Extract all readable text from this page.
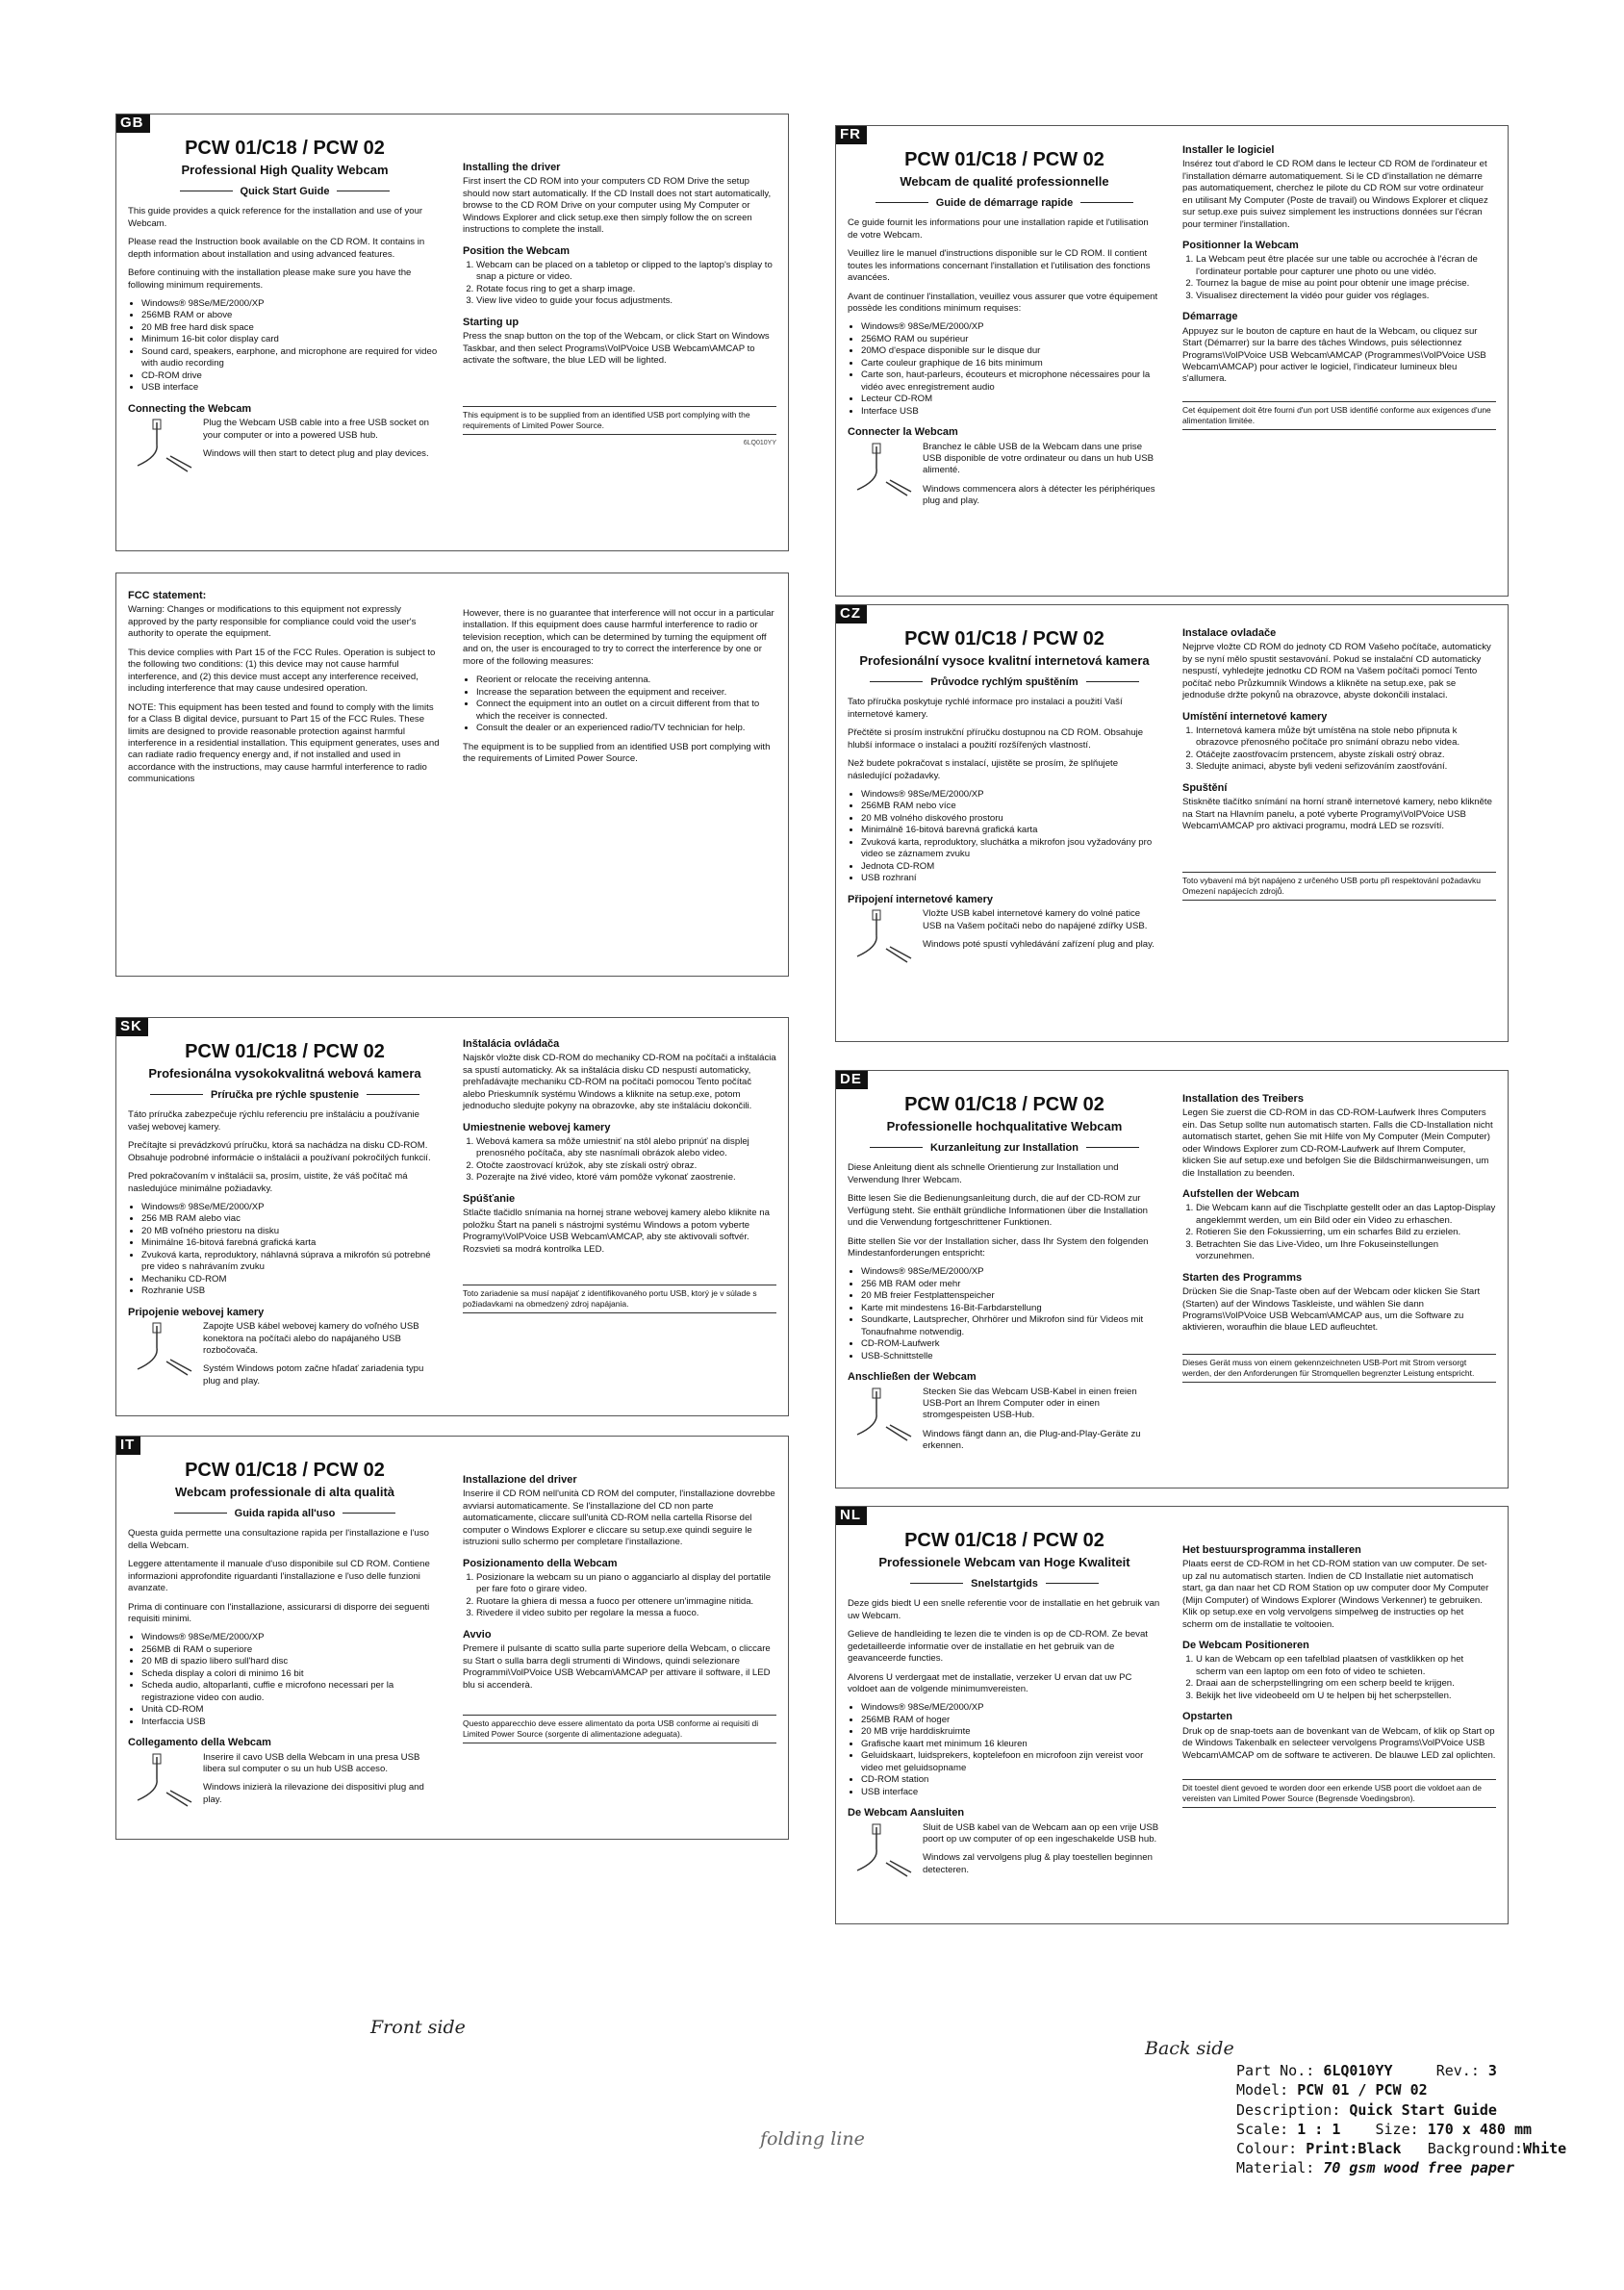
GB
PCW 01/C18 / PCW 02
Professional High Quality Webcam
Quick Start Guide

This guide provides a quick reference for the installation and use of your Webcam.

Please read the Instruction book available on the CD ROM. It contains in depth information about installation and using advanced features.

Before continuing with the installation please make sure you have the following minimum requirements.

• Windows® 98Se/ME/2000/XP
• 256MB RAM or above
• 20 MB free hard disk space
• Minimum 16-bit color display card
• Sound card, speakers, earphone, and microphone are required for video with audio recording
• CD-ROM drive
• USB interface
Connecting the Webcam

Plug the Webcam USB cable into a free USB socket on your computer or into a powered USB hub.

Windows will then start to detect plug and play devices.

Installing the driver

First insert the CD ROM into your computers CD ROM Drive the setup should now start automatically. If the CD Install does not start automatically, browse to the CD ROM Drive on your computer using My Computer or Windows Explorer and click setup.exe then simply follow the on screen instructions to complete the install.

Position the Webcam
1. Webcam can be placed on a tabletop or clipped to the laptop's display to snap a picture or video.
2. Rotate focus ring to get a sharp image.
3. View live video to guide your focus adjustments.
Starting up

Press the snap button on the top of the Webcam, or click Start on Windows Taskbar, and then select Programs\VolPVoice USB Webcam\AMCAP to activate the software, the blue LED will be lighted.

This equipment is to be supplied from an identified USB port complying with the requirements of Limited Power Source.
6LQ010YY
FCC statement:

Warning: Changes or modifications to this equipment not expressly approved by the party responsible for compliance could void the user's authority to operate the equipment.

This device complies with Part 15 of the FCC Rules. Operation is subject to the following two conditions: (1) this device may not cause harmful interference, and (2) this device must accept any interference received, including interference that may cause undesired operation.

NOTE: This equipment has been tested and found to comply with the limits for a Class B digital device, pursuant to Part 15 of the FCC Rules. These limits are designed to provide reasonable protection against harmful interference in a residential installation. This equipment generates, uses and can radiate radio frequency energy and, if not installed and used in accordance with the instructions, may cause harmful interference to radio communications

However, there is no guarantee that interference will not occur in a particular installation. If this equipment does cause harmful interference to radio or television reception, which can be determined by turning the equipment off and on, the user is encouraged to try to correct the interference by one or more of the following measures:

• Reorient or relocate the receiving antenna.
• Increase the separation between the equipment and receiver.
• Connect the equipment into an outlet on a circuit different from that to which the receiver is connected.
• Consult the dealer or an experienced radio/TV technician for help.

The equipment is to be supplied from an identified USB port complying with the requirements of Limited Power Source.

SK
PCW 01/C18 / PCW 02
Profesionálna vysokokvalitná webová kamera
Príručka pre rýchle spustenie

Táto príručka zabezpečuje rýchlu referenciu pre inštaláciu a používanie vašej webovej kamery.

Prečítajte si prevádzkovú príručku, ktorá sa nachádza na disku CD-ROM. Obsahuje podrobné informácie o inštalácii a používaní pokročilých funkcií.

Pred pokračovaním v inštalácii sa, prosím, uistite, že váš počítač má nasledujúce minimálne požiadavky.

• Windows® 98Se/ME/2000/XP
• 256 MB RAM alebo viac
• 20 MB voľného priestoru na disku
• Minimálne 16-bitová farebná grafická karta
• Zvuková karta, reproduktory, náhlavná súprava a mikrofón sú potrebné pre video s nahrávaním zvuku
• Mechaniku CD-ROM
• Rozhranie USB
Pripojenie webovej kamery

Zapojte USB kábel webovej kamery do voľného USB konektora na počítači alebo do napájaného USB rozbočovača.

Systém Windows potom začne hľadať zariadenia typu plug and play.

Inštalácia ovládača

Najskôr vložte disk CD-ROM do mechaniky CD-ROM na počítači a inštalácia sa spustí automaticky. Ak sa inštalácia disku CD nespustí automaticky, prehľadávajte mechaniku CD-ROM na počítači pomocou Tento počítač alebo Prieskumník systému Windows a kliknite na setup.exe, potom jednoducho sledujte pokyny na obrazovke, aby ste inštaláciu dokončili.

Umiestnenie webovej kamery
1. Webová kamera sa môže umiestniť na stôl alebo pripnúť na displej prenosného počítača, aby ste nasnímali obrázok alebo video.
2. Otočte zaostrovací krúžok, aby ste získali ostrý obraz.
3. Pozerajte na živé video, ktoré vám pomôže vykonať zaostrenie.
Spúšťanie

Stlačte tlačidlo snímania na hornej strane webovej kamery alebo kliknite na položku Štart na paneli s nástrojmi systému Windows a potom vyberte Programy\VolPVoice USB Webcam\AMCAP, aby ste aktivovali softvér. Rozsvieti sa modrá kontrolka LED.

Toto zariadenie sa musí napájať z identifikovaného portu USB, ktorý je v súlade s požiadavkami na obmedzený zdroj napájania.
IT
PCW 01/C18 / PCW 02
Webcam professionale di alta qualità
Guida rapida all'uso

Questa guida permette una consultazione rapida per l'installazione e l'uso della Webcam.

Leggere attentamente il manuale d'uso disponibile sul CD ROM. Contiene informazioni approfondite riguardanti l'installazione e l'uso delle funzioni avanzate.

Prima di continuare con l'installazione, assicurarsi di disporre dei seguenti requisiti minimi.

• Windows® 98Se/ME/2000/XP
• 256MB di RAM o superiore
• 20 MB di spazio libero sull'hard disc
• Scheda display a colori di minimo 16 bit
• Scheda audio, altoparlanti, cuffie e microfono necessari per la registrazione video con audio.
• Unità CD-ROM
• Interfaccia USB
Collegamento della Webcam

Inserire il cavo USB della Webcam in una presa USB libera sul computer o su un hub USB acceso.

Windows inizierà la rilevazione dei dispositivi plug and play.

Installazione del driver

Inserire il CD ROM nell'unità CD ROM del computer, l'installazione dovrebbe avviarsi automaticamente. Se l'installazione del CD non parte automaticamente, cliccare sull'unità CD-ROM nella cartella Risorse del computer o Windows Explorer e cliccare su setup.exe quindi seguire le istruzioni sullo schermo per completare l'installazione.

Posizionamento della Webcam
1. Posizionare la webcam su un piano o agganciarlo al display del portatile per fare foto o girare video.
2. Ruotare la ghiera di messa a fuoco per ottenere un'immagine nitida.
3. Rivedere il video subito per regolare la messa a fuoco.
Avvio

Premere il pulsante di scatto sulla parte superiore della Webcam, o cliccare su Start o sulla barra degli strumenti di Windows, quindi selezionare Programmi\VolPVoice USB Webcam\AMCAP per attivare il software, il LED blu si accenderà.

Questo apparecchio deve essere alimentato da porta USB conforme ai requisiti di Limited Power Source (sorgente di alimentazione adeguata).
FR
PCW 01/C18 / PCW 02
Webcam de qualité professionnelle
Guide de démarrage rapide

Ce guide fournit les informations pour une installation rapide et l'utilisation de votre Webcam.

Veuillez lire le manuel d'instructions disponible sur le CD ROM. Il contient toutes les informations concernant l'installation et l'utilisation des fonctions avancées.

Avant de continuer l'installation, veuillez vous assurer que votre équipement possède les conditions minimum requises:

• Windows® 98Se/ME/2000/XP
• 256MO RAM ou supérieur
• 20MO d'espace disponible sur le disque dur
• Carte couleur graphique de 16 bits minimum
• Carte son, haut-parleurs, écouteurs et microphone nécessaires pour la vidéo avec enregistrement audio
• Lecteur CD-ROM
• Interface USB
Connecter la Webcam

Branchez le câble USB de la Webcam dans une prise USB disponible de votre ordinateur ou dans un hub USB alimenté.

Windows commencera alors à détecter les périphériques plug and play.

Installer le logiciel

Insérez tout d'abord le CD ROM dans le lecteur CD ROM de l'ordinateur et l'installation démarre automatiquement. Si le CD d'installation ne démarre pas automatiquement, cherchez le pilote du CD ROM sur votre ordinateur en utilisant My Computer (Poste de travail) ou Windows Explorer et cliquez sur setup.exe puis suivez simplement les instructions données sur l'écran pour terminer l'installation.

Positionner la Webcam
1. La Webcam peut être placée sur une table ou accrochée à l'écran de l'ordinateur portable pour capturer une photo ou une vidéo.
2. Tournez la bague de mise au point pour obtenir une image précise.
3. Visualisez directement la vidéo pour guider vos réglages.
Démarrage

Appuyez sur le bouton de capture en haut de la Webcam, ou cliquez sur Start (Démarrer) sur la barre des tâches Windows, puis sélectionnez Programs\VolPVoice USB Webcam\AMCAP (Programmes\VolPVoice USB Webcam\AMCAP) pour activer le logiciel, l'indicateur lumineux bleu s'allumera.

Cet équipement doit être fourni d'un port USB identifié conforme aux exigences d'une alimentation limitée.
CZ
PCW 01/C18 / PCW 02
Profesionální vysoce kvalitní internetová kamera
Průvodce rychlým spuštěním

Tato příručka poskytuje rychlé informace pro instalaci a použití Vaší internetové kamery.

Přečtěte si prosím instrukční příručku dostupnou na CD ROM. Obsahuje hlubší informace o instalaci a použití rozšířených vlastností.

Než budete pokračovat s instalací, ujistěte se prosím, že splňujete následující požadavky.

• Windows® 98Se/ME/2000/XP
• 256MB RAM nebo více
• 20 MB volného diskového prostoru
• Minimálně 16-bitová barevná grafická karta
• Zvuková karta, reproduktory, sluchátka a mikrofon jsou vyžadovány pro video se záznamem zvuku
• Jednota CD-ROM
• USB rozhraní
Připojení internetové kamery

Vložte USB kabel internetové kamery do volné patice USB na Vašem počítači nebo do napájené zdířky USB.

Windows poté spustí vyhledávání zařízení plug and play.

Instalace ovladače

Nejprve vložte CD ROM do jednoty CD ROM Vašeho počítače, automaticky by se nyní mělo spustit sestavování. Pokud se instalační CD automaticky nespustí, vyhledejte jednotku CD ROM na Vašem počítači pomocí Tento počítač nebo Průzkumník Windows a klikněte na setup.exe, pak se jednoduše držte pokynů na obrazovce, abyste dokončili instalaci.

Umístění internetové kamery
1. Internetová kamera může být umístěna na stole nebo připnuta k obrazovce přenosného počítače pro snímání obrazu nebo videa.
2. Otáčejte zaostřovacím prstencem, abyste získali ostrý obraz.
3. Sledujte animaci, abyste byli vedeni seřizováním zaostřování.
Spuštění

Stiskněte tlačítko snímání na horní straně internetové kamery, nebo klikněte na Start na Hlavním panelu, a poté vyberte Programy\VolPVoice USB Webcam\AMCAP pro aktivaci programu, modrá LED se rozsvítí.

Toto vybavení má být napájeno z určeného USB portu při respektování požadavku Omezení napájecích zdrojů.
DE
PCW 01/C18 / PCW 02
Professionelle hochqualitative Webcam
Kurzanleitung zur Installation

Diese Anleitung dient als schnelle Orientierung zur Installation und Verwendung Ihrer Webcam.

Bitte lesen Sie die Bedienungsanleitung durch, die auf der CD-ROM zur Verfügung steht. Sie enthält gründliche Informationen über die Installation und die Verwendung fortgeschrittener Funktionen.

Bitte stellen Sie vor der Installation sicher, dass Ihr System den folgenden Mindestanforderungen entspricht:

• Windows® 98Se/ME/2000/XP
• 256 MB RAM oder mehr
• 20 MB freier Festplattenspeicher
• Karte mit mindestens 16-Bit-Farbdarstellung
• Soundkarte, Lautsprecher, Ohrhörer und Mikrofon sind für Videos mit Tonaufnahme notwendig.
• CD-ROM-Laufwerk
• USB-Schnittstelle
Anschließen der Webcam

Stecken Sie das Webcam USB-Kabel in einen freien USB-Port an Ihrem Computer oder in einen stromgespeisten USB-Hub.

Windows fängt dann an, die Plug-and-Play-Geräte zu erkennen.

Installation des Treibers

Legen Sie zuerst die CD-ROM in das CD-ROM-Laufwerk Ihres Computers ein. Das Setup sollte nun automatisch starten. Falls die CD-Installation nicht automatisch startet, gehen Sie mit Hilfe von My Computer (Mein Computer) oder Windows Explorer zum CD-ROM-Laufwerk auf Ihrem Computer, klicken Sie auf setup.exe und befolgen Sie die Bildschirmanweisungen, um die Installation zu beenden.

Aufstellen der Webcam
1. Die Webcam kann auf die Tischplatte gestellt oder an das Laptop-Display angeklemmt werden, um ein Bild oder ein Video zu erhaschen.
2. Rotieren Sie den Fokussierring, um ein scharfes Bild zu erzielen.
3. Betrachten Sie das Live-Video, um Ihre Fokuseinstellungen vorzunehmen.
Starten des Programms

Drücken Sie die Snap-Taste oben auf der Webcam oder klicken Sie Start (Starten) auf der Windows Taskleiste, und wählen Sie dann Programs\VolPVoice USB Webcam\AMCAP aus, um die Software zu aktivieren, woraufhin die blaue LED aufleuchtet.

Dieses Gerät muss von einem gekennzeichneten USB-Port mit Strom versorgt werden, der den Anforderungen für Stromquellen begrenzter Leistung entspricht.
NL
PCW 01/C18 / PCW 02
Professionele Webcam van Hoge Kwaliteit
Snelstartgids

Deze gids biedt U een snelle referentie voor de installatie en het gebruik van uw Webcam.

Gelieve de handleiding te lezen die te vinden is op de CD-ROM. Ze bevat gedetailleerde informatie over de installatie en het gebruik van de geavanceerde functies.

Alvorens U verdergaat met de installatie, verzeker U ervan dat uw PC voldoet aan de volgende minimumvereisten.

• Windows® 98Se/ME/2000/XP
• 256MB RAM of hoger
• 20 MB vrije harddiskruimte
• Grafische kaart met minimum 16 kleuren
• Geluidskaart, luidsprekers, koptelefoon en microfoon zijn vereist voor video met geluidsopname
• CD-ROM station
• USB interface
De Webcam Aansluiten

Sluit de USB kabel van de Webcam aan op een vrije USB poort op uw computer of op een ingeschakelde USB hub.

Windows zal vervolgens plug & play toestellen beginnen detecteren.

Het bestuursprogramma installeren

Plaats eerst de CD-ROM in het CD-ROM station van uw computer. De set-up zal nu automatisch starten. Indien de CD Installatie niet automatisch start, ga dan naar het CD ROM Station op uw computer door My Computer (Mijn Computer) of Windows Explorer (Windows Verkenner) te gebruiken. Klik op setup.exe en volg vervolgens simpelweg de instructies op het scherm om de installatie te voltooien.

De Webcam Positioneren
1. U kan de Webcam op een tafelblad plaatsen of vastklikken op het scherm van een laptop om een foto of video te schieten.
2. Draai aan de scherpstellingring om een scherp beeld te krijgen.
3. Bekijk het live videobeeld om U te helpen bij het scherpstellen.
Opstarten

Druk op de snap-toets aan de bovenkant van de Webcam, of klik op Start op de Windows Takenbalk en selecteer vervolgens Programs\VolPVoice USB Webcam\AMCAP om de software te activeren. De blauwe LED zal oplichten.

Dit toestel dient gevoed te worden door een erkende USB poort die voldoet aan de vereisten van Limited Power Source (Begrensde Voedingsbron).
Front side
Back side
folding line
Part No.: 6LQ010YY	Rev.: 3
Model: PCW 01 / PCW 02
Description: Quick Start Guide
Scale: 1 : 1 Size: 170 x 480 mm
Colour: Print:Black Background:White
Material: 70 gsm wood free paper
